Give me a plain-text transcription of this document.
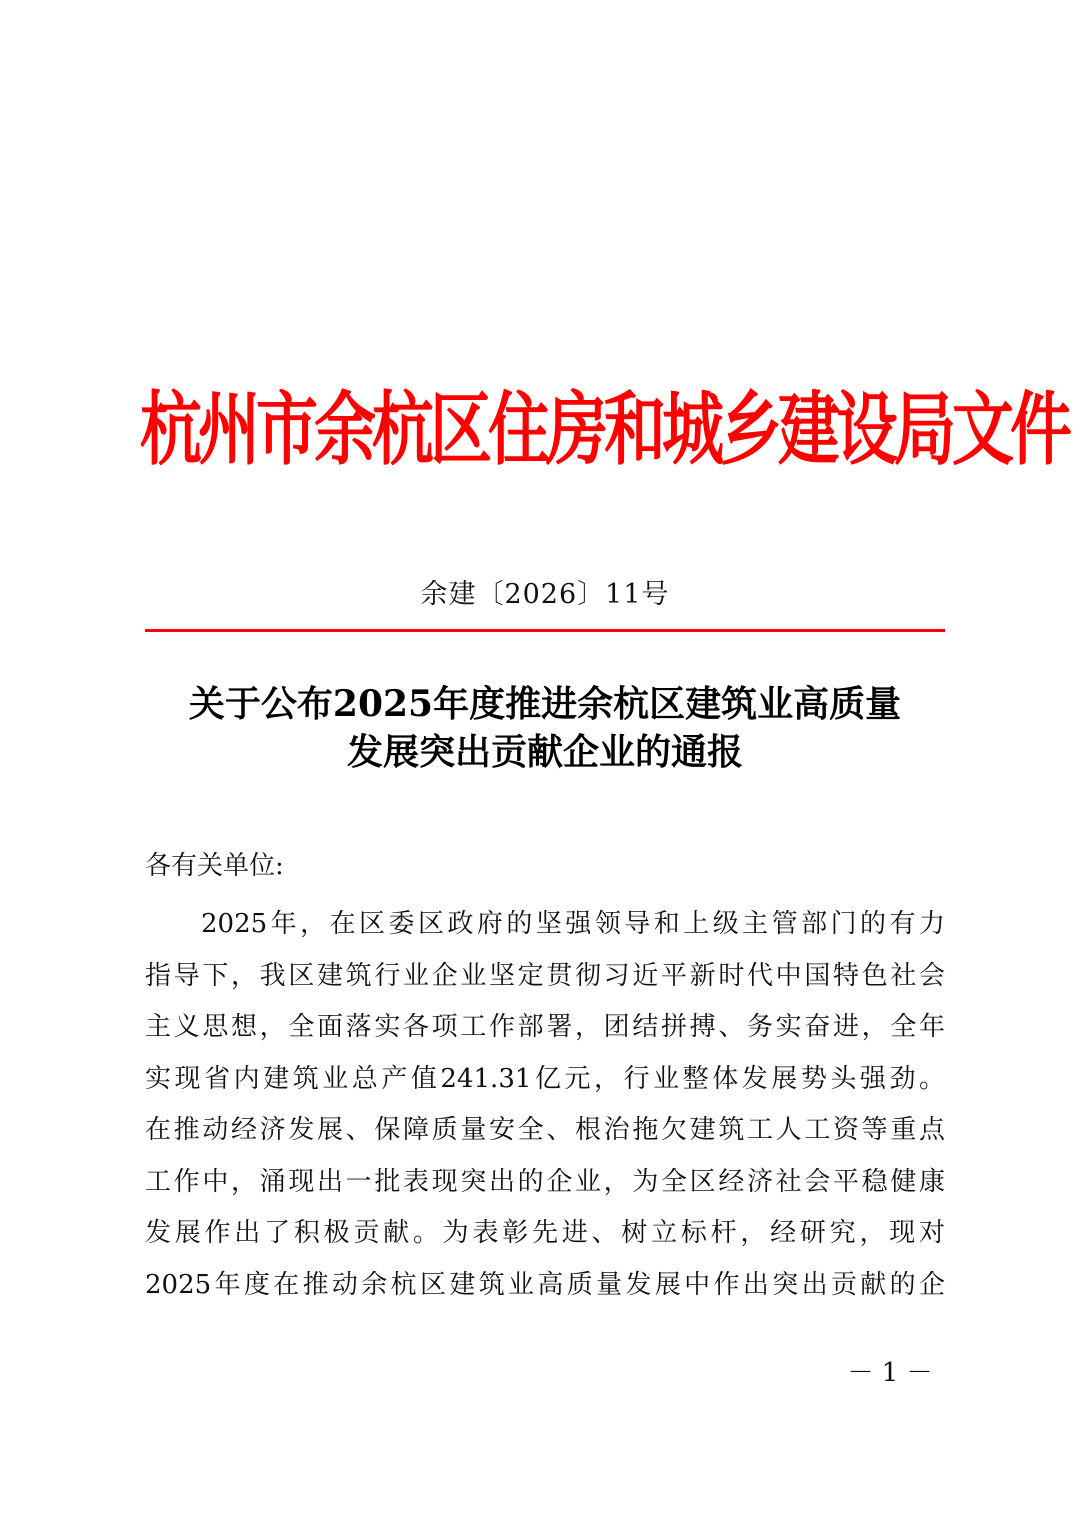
杭州市余杭区住房和城乡建设局文件
余建〔2026〕11号
关于公布2025年度推进余杭区建筑业高质量
发展突出贡献企业的通报
各有关单位:
2025年，在区委区政府的坚强领导和上级主管部门的有力
指导下，我区建筑行业企业坚定贯彻习近平新时代中国特色社会
主义思想，全面落实各项工作部署，团结拼搏、务实奋进，全年
实现省内建筑业总产值241.31亿元，行业整体发展势头强劲。
在推动经济发展、保障质量安全、根治拖欠建筑工人工资等重点
工作中，涌现出一批表现突出的企业，为全区经济社会平稳健康
发展作出了积极贡献。为表彰先进、树立标杆，经研究，现对
2025年度在推动余杭区建筑业高质量发展中作出突出贡献的企
－ 1 －
